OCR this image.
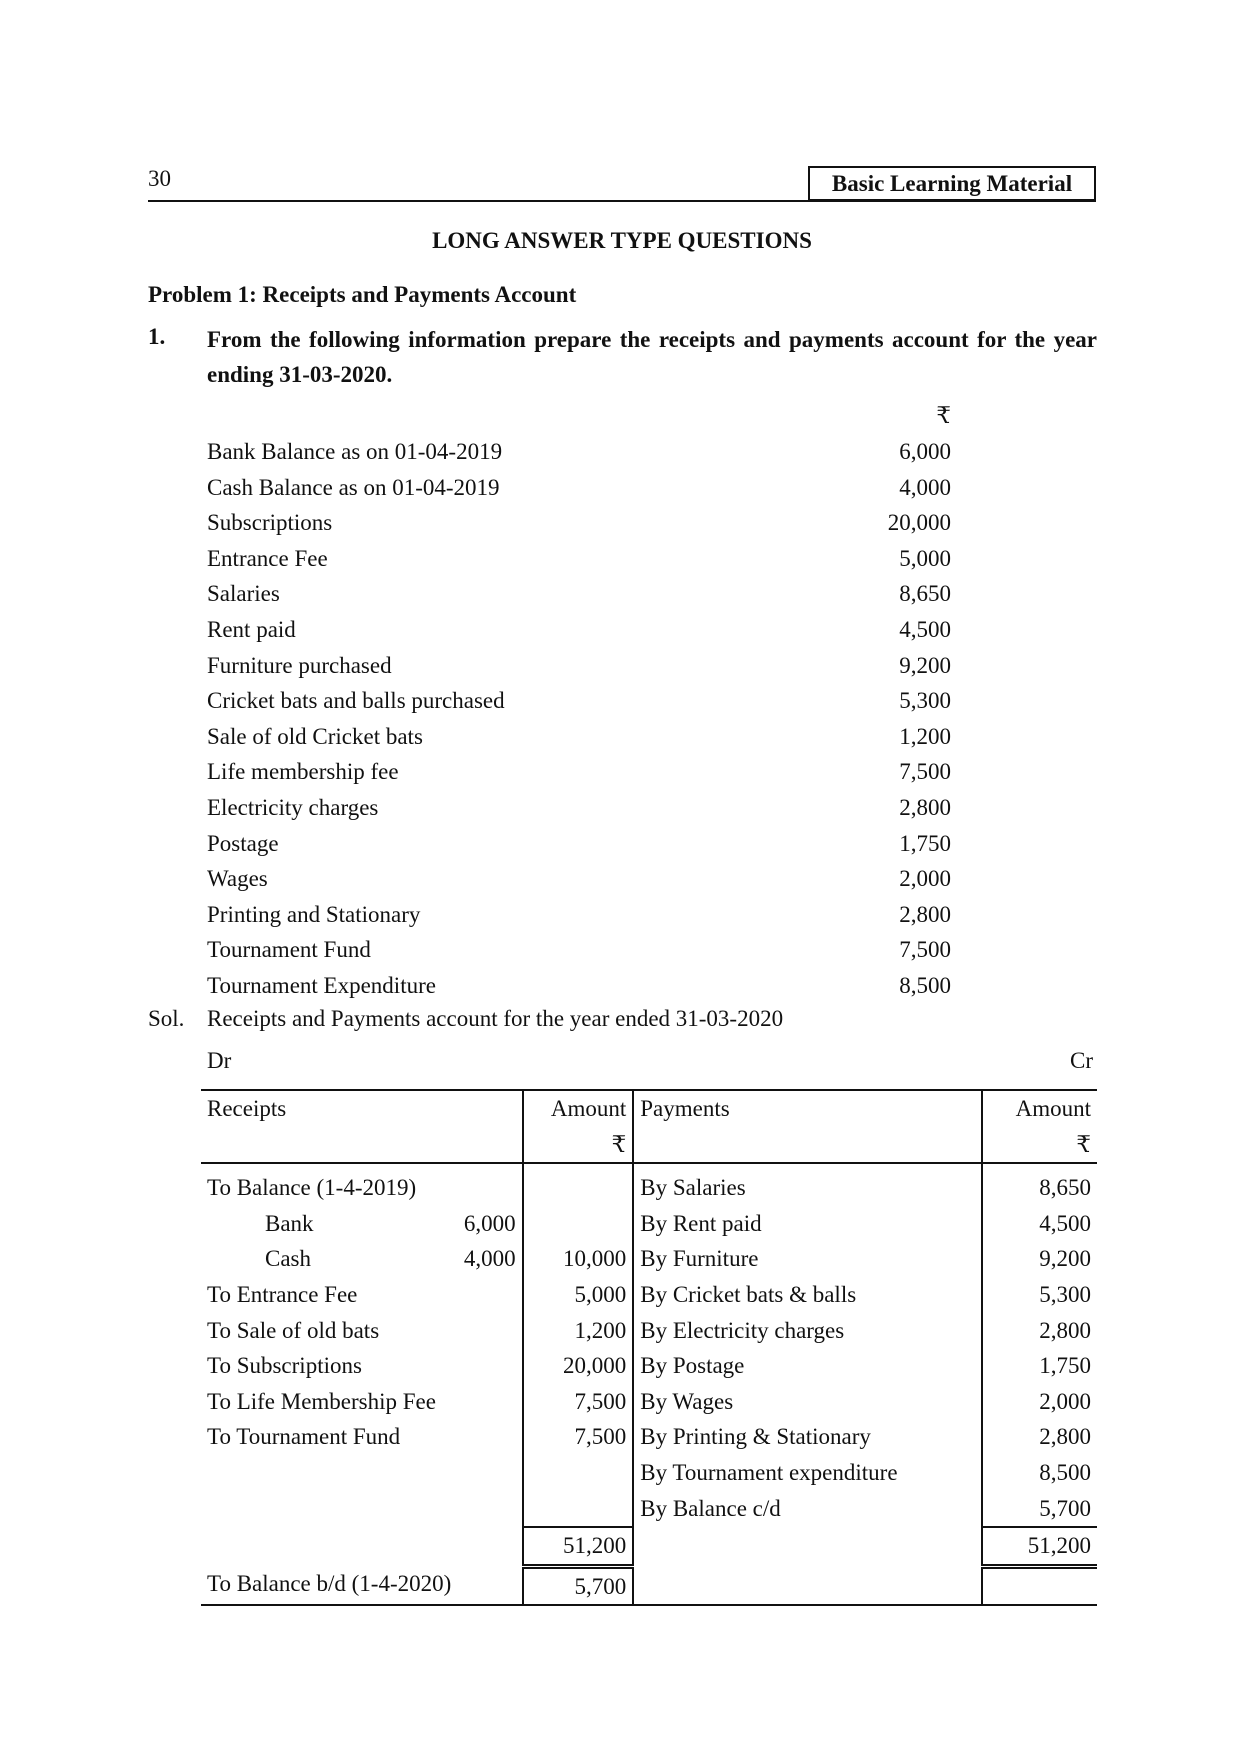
30	Basic Learning Material
LONG ANSWER TYPE QUESTIONS
Problem 1: Receipts and Payments Account
1. From the following information prepare the receipts and payments account for the year ending 31-03-2020.
₹
Bank Balance as on 01-04-2019	6,000
Cash Balance as on 01-04-2019	4,000
Subscriptions	20,000
Entrance Fee	5,000
Salaries	8,650
Rent paid	4,500
Furniture purchased	9,200
Cricket bats and balls purchased	5,300
Sale of old Cricket bats	1,200
Life membership fee	7,500
Electricity charges	2,800
Postage	1,750
Wages	2,000
Printing and Stationary	2,800
Tournament Fund	7,500
Tournament Expenditure	8,500
Sol. Receipts and Payments account for the year ended 31-03-2020
Dr	Cr
Receipts	Amount	Payments	Amount
	₹		₹
To Balance (1-4-2019)		By Salaries	8,650

Bank 6,000		By Rent paid	4,500

Cash 4,000	10,000	By Furniture	9,200
To Entrance Fee	5,000	By Cricket bats & balls	5,300
To Sale of old bats	1,200	By Electricity charges	2,800
To Subscriptions	20,000	By Postage	1,750
To Life Membership Fee	7,500	By Wages	2,000
To Tournament Fund	7,500	By Printing & Stationary	2,800
		By Tournament expenditure	8,500
		By Balance c/d	5,700
	51,200		51,200
To Balance b/d (1-4-2020)	5,700		
